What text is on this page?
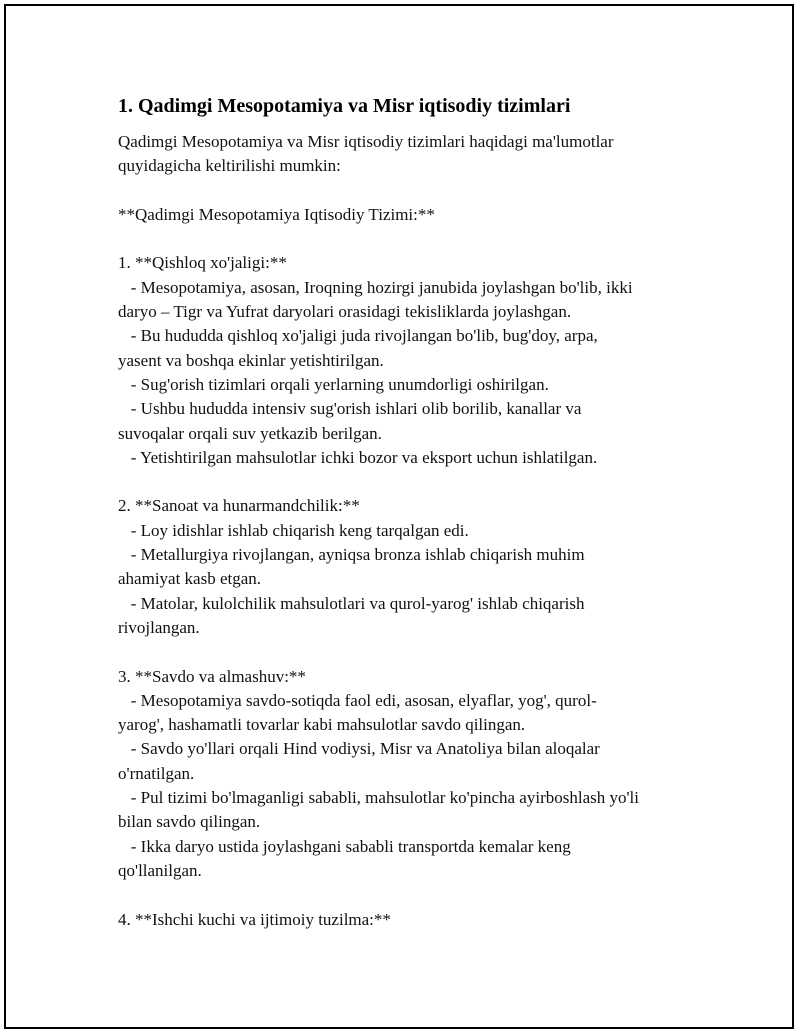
1. Qadimgi Mesopotamiya va Misr iqtisodiy tizimlari

Qadimgi Mesopotamiya va Misr iqtisodiy tizimlari haqidagi ma'lumotlar
quyidagicha keltirilishi mumkin:

**Qadimgi Mesopotamiya Iqtisodiy Tizimi:**

1. **Qishloq xo'jaligi:**

- Mesopotamiya, asosan, Iroqning hozirgi janubida joylashgan bo'lib, ikki
daryo – Tigr va Yufrat daryolari orasidagi tekisliklarda joylashgan.
- Bu hududda qishloq xo'jaligi juda rivojlangan bo'lib, bug'doy, arpa,
yasent va boshqa ekinlar yetishtirilgan.
- Sug'orish tizimlari orqali yerlarning unumdorligi oshirilgan.
- Ushbu hududda intensiv sug'orish ishlari olib borilib, kanallar va
suvoqalar orqali suv yetkazib berilgan.
- Yetishtirilgan mahsulotlar ichki bozor va eksport uchun ishlatilgan.

2. **Sanoat va hunarmandchilik:**

- Loy idishlar ishlab chiqarish keng tarqalgan edi.
- Metallurgiya rivojlangan, ayniqsa bronza ishlab chiqarish muhim
ahamiyat kasb etgan.
- Matolar, kulolchilik mahsulotlari va qurol-yarog' ishlab chiqarish
rivojlangan.

3. **Savdo va almashuv:**

- Mesopotamiya savdo-sotiqda faol edi, asosan, elyaflar, yog', qurol-
yarog', hashamatli tovarlar kabi mahsulotlar savdo qilingan.
- Savdo yo'llari orqali Hind vodiysi, Misr va Anatoliya bilan aloqalar
o'rnatilgan.
- Pul tizimi bo'lmaganligi sababli, mahsulotlar ko'pincha ayirboshlash yo'li
bilan savdo qilingan.
- Ikka daryo ustida joylashgani sababli transportda kemalar keng
qo'llanilgan.

4. **Ishchi kuchi va ijtimoiy tuzilma:**
